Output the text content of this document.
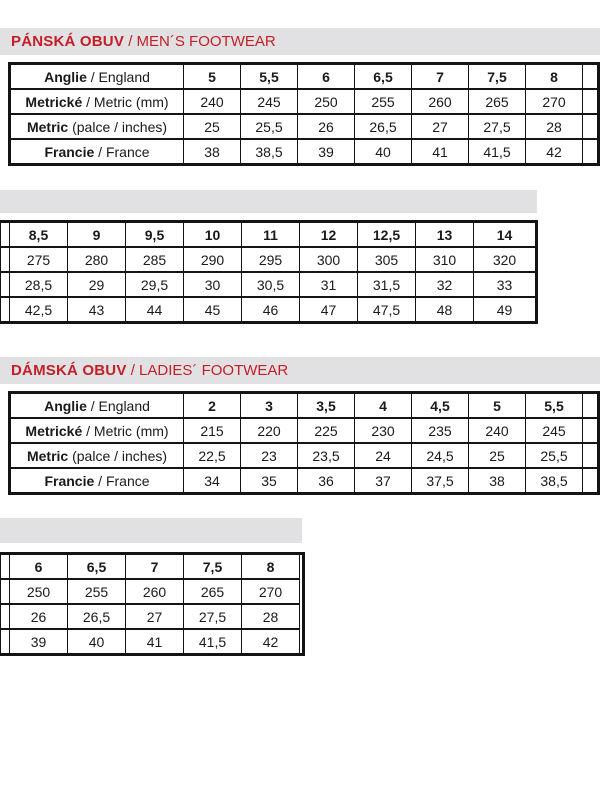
PÁNSKÁ OBUV / MEN´S FOOTWEAR
Anglie / England	5	5,5	6	6,5	7	7,5	8	
Metrické / Metric (mm)	240	245	250	255	260	265	270	
Metric (palce / inches)	25	25,5	26	26,5	27	27,5	28	
Francie / France	38	38,5	39	40	41	41,5	42	
	8,5	9	9,5	10	11	12	12,5	13	14
	275	280	285	290	295	300	305	310	320
	28,5	29	29,5	30	30,5	31	31,5	32	33
	42,5	43	44	45	46	47	47,5	48	49
DÁMSKÁ OBUV / LADIES´ FOOTWEAR
Anglie / England	2	3	3,5	4	4,5	5	5,5	
Metrické / Metric (mm)	215	220	225	230	235	240	245	
Metric (palce / inches)	22,5	23	23,5	24	24,5	25	25,5	
Francie / France	34	35	36	37	37,5	38	38,5	
	6	6,5	7	7,5	8
	250	255	260	265	270
	26	26,5	27	27,5	28
	39	40	41	41,5	42
